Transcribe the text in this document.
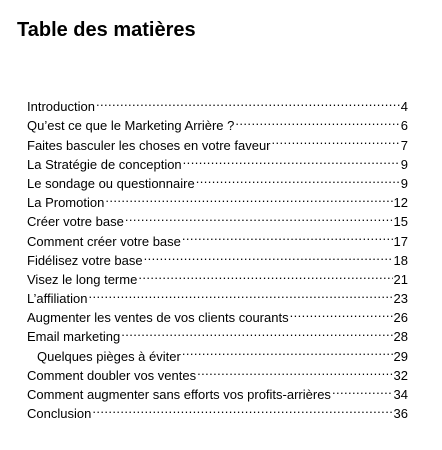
Table des matières
Introduction .....	4
Qu’est ce que le Marketing Arrière ? .....	6
Faites basculer les choses en votre faveur .....	7
La Stratégie de conception .....	9
Le sondage ou questionnaire .....	9
La Promotion .....	12
Créer votre base .....	15
Comment créer votre base .....	17
Fidélisez votre base .....	18
Visez le long terme .....	21
L’affiliation .....	23
Augmenter les ventes de vos clients courants .....	26
Email marketing .....	28
Quelques pièges à éviter .....	29
Comment doubler vos ventes .....	32
Comment augmenter sans efforts vos profits-arrières .....	34
Conclusion .....	36
